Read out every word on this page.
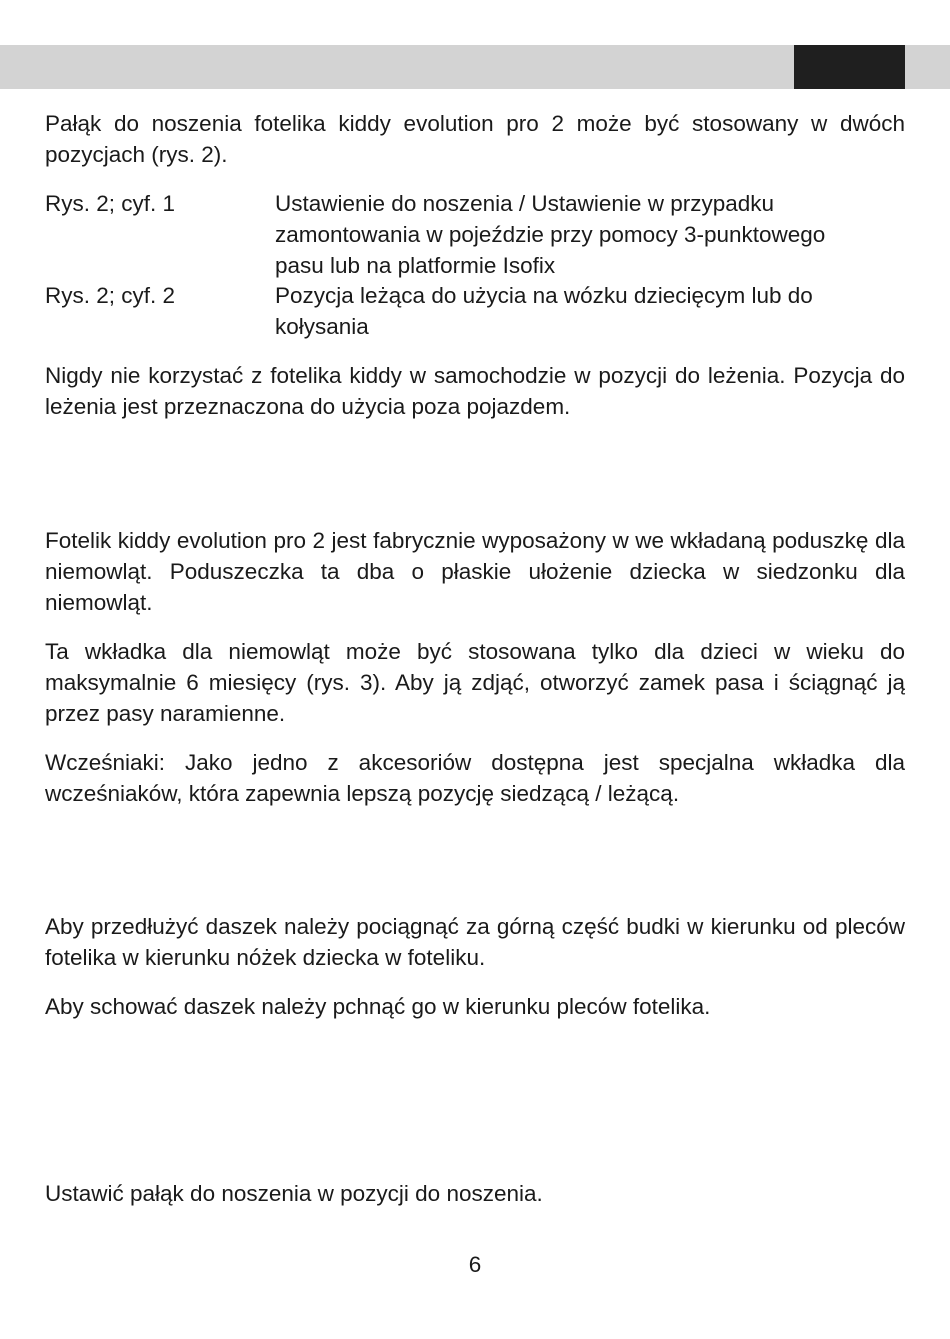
Pałąk do noszenia fotelika kiddy evolution pro 2 może być stosowany w dwóch pozycjach (rys. 2).

Rys. 2; cyf. 1	Ustawienie do noszenia / Ustawienie w przypadku
zamontowania w pojeździe przy pomocy 3-punktowego
pasu lub na platformie Isofix
Rys. 2; cyf. 2	Pozycja leżąca do użycia na wózku dziecięcym lub do
kołysania

Nigdy nie korzystać z fotelika kiddy w samochodzie w pozycji do leżenia. Pozycja do leżenia jest przeznaczona do użycia poza pojazdem.

Fotelik kiddy evolution pro 2 jest fabrycznie wyposażony w we wkładaną poduszkę dla niemowląt. Poduszeczka ta dba o płaskie ułożenie dziecka w siedzonku dla niemowląt.

Ta wkładka dla niemowląt może być stosowana tylko dla dzieci w wieku do maksymalnie 6 miesięcy (rys. 3). Aby ją zdjąć, otworzyć zamek pasa i ściągnąć ją przez pasy naramienne.

Wcześniaki: Jako jedno z akcesoriów dostępna jest specjalna wkładka dla wcześniaków, która zapewnia lepszą pozycję siedzącą / leżącą.

Aby przedłużyć daszek należy pociągnąć za górną część budki w kierunku od pleców fotelika w kierunku nóżek dziecka w foteliku.

Aby schować daszek należy pchnąć go w kierunku pleców fotelika.

Ustawić pałąk do noszenia w pozycji do noszenia.

6
